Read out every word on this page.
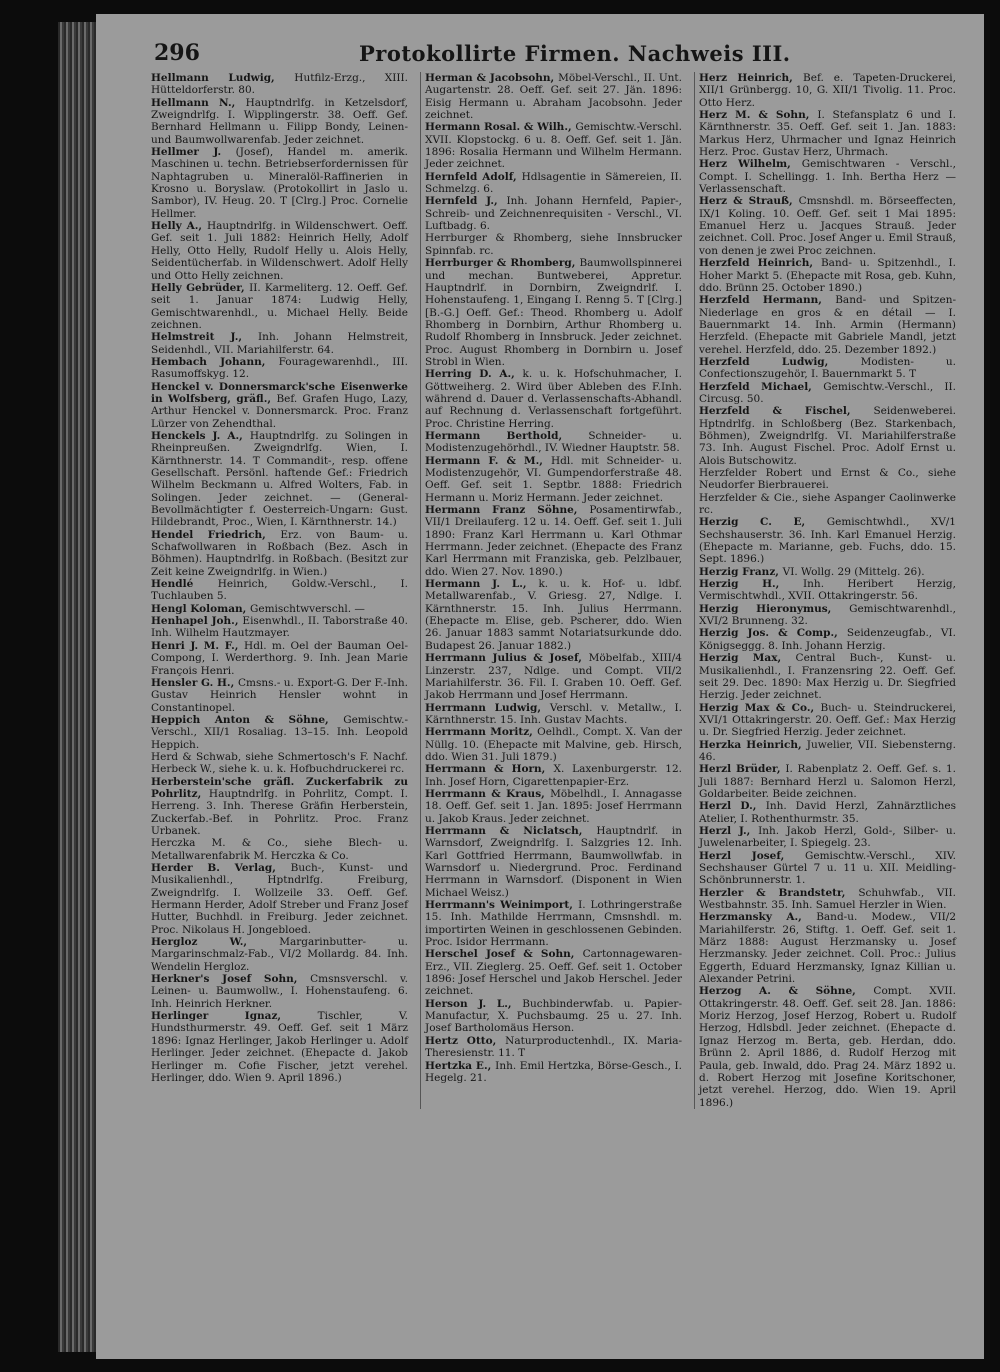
296	Protokollirte Firmen. Nachweis III.
Hellmann Ludwig, Hutfilz-Erzg., XIII. Hütteldorferstr. 80.
Hellmann N., Hauptndrlfg. in Ketzelsdorf, Zweigndrlfg. I. Wipplingerstr. 38. Oeff. Gef. Bernhard Hellmann u. Filipp Bondy, Leinen- und Baumwollwarenfab. Jeder zeichnet.
Hellmer J. (Josef), Handel m. amerik. Maschinen u. techn. Betriebserfordernissen für Naphtagruben u. Mineralöl-Raffinerien in Krosno u. Boryslaw. (Protokollirt in Jaslo u. Sambor), IV. Heug. 20. T [Clrg.] Proc. Cornelie Hellmer.
Helly A., Hauptndrlfg. in Wildenschwert. Oeff. Gef. seit 1. Juli 1882: Heinrich Helly, Adolf Helly, Otto Helly, Rudolf Helly u. Alois Helly, Seidentücherfab. in Wildenschwert. Adolf Helly und Otto Helly zeichnen.
Helly Gebrüder, II. Karmeliterg. 12. Oeff. Gef. seit 1. Januar 1874: Ludwig Helly, Gemischtwarenhdl., u. Michael Helly. Beide zeichnen.
Helmstreit J., Inh. Johann Helmstreit, Seidenhdl., VII. Mariahilferstr. 64.
Hembach Johann, Fouragewarenhdl., III. Rasumoffskyg. 12.
Henckel v. Donnersmarck'sche Eisenwerke in Wolfsberg, gräfl., Bef. Grafen Hugo, Lazy, Arthur Henckel v. Donnersmarck. Proc. Franz Lürzer von Zehendthal.
Henckels J. A., Hauptndrlfg. zu Solingen in Rheinpreußen. Zweigndrlfg. Wien, I. Kärnthnerstr. 14. T Commandit-, resp. offene Gesellschaft. Persönl. haftende Gef.: Friedrich Wilhelm Beckmann u. Alfred Wolters, Fab. in Solingen. Jeder zeichnet. — (General-Bevollmächtigter f. Oesterreich-Ungarn: Gust. Hildebrandt, Proc., Wien, I. Kärnthnerstr. 14.)
Hendel Friedrich, Erz. von Baum- u. Schafwollwaren in Roßbach (Bez. Asch in Böhmen). Hauptndrlfg. in Roßbach. (Besitzt zur Zeit keine Zweigndrlfg. in Wien.)
Hendlé Heinrich, Goldw.-Verschl., I. Tuchlauben 5.
Hengl Koloman, Gemischtwverschl. —
Henhapel Joh., Eisenwhdl., II. Taborstraße 40. Inh. Wilhelm Hautzmayer.
Henri J. M. F., Hdl. m. Oel der Bauman Oel-Compong, I. Werderthorg. 9. Inh. Jean Marie François Henri.
Hensler G. H., Cmsns.- u. Export-G. Der F.-Inh. Gustav Heinrich Hensler wohnt in Constantinopel.
Heppich Anton & Söhne, Gemischtw.-Verschl., XII/1 Rosaliag. 13–15. Inh. Leopold Heppich.
Herd & Schwab, siehe Schmertosch's F. Nachf. Herbeck W., siehe k. u. k. Hofbuchdruckerei rc.
Herberstein'sche gräfl. Zuckerfabrik zu Pohrlitz, Hauptndrlfg. in Pohrlitz, Compt. I. Herreng. 3. Inh. Therese Gräfin Herberstein, Zuckerfab.-Bef. in Pohrlitz. Proc. Franz Urbanek.
Herczka M. & Co., siehe Blech- u. Metallwarenfabrik M. Herczka & Co.
Herder B. Verlag, Buch-, Kunst- und Musikalienhdl., Hptndrlfg. Freiburg, Zweigndrlfg. I. Wollzeile 33. Oeff. Gef. Hermann Herder, Adolf Streber und Franz Josef Hutter, Buchhdl. in Freiburg. Jeder zeichnet. Proc. Nikolaus H. Jongebloed.
Hergloz W., Margarinbutter- u. Margarinschmalz-Fab., VI/2 Mollardg. 84. Inh. Wendelin Hergloz.
Herkner's Josef Sohn, Cmsnsverschl. v. Leinen- u. Baumwollw., I. Hohenstaufeng. 6. Inh. Heinrich Herkner.
Herlinger Ignaz, Tischler, V. Hundsthurmerstr. 49. Oeff. Gef. seit 1 März 1896: Ignaz Herlinger, Jakob Herlinger u. Adolf Herlinger. Jeder zeichnet. (Ehepacte d. Jakob Herlinger m. Cofie Fischer, jetzt verehel. Herlinger, ddo. Wien 9. April 1896.)
Herman & Jacobsohn, Möbel-Verschl., II. Unt. Augartenstr. 28. Oeff. Gef. seit 27. Jän. 1896: Eisig Hermann u. Abraham Jacobsohn. Jeder zeichnet.
Hermann Rosal. & Wilh., Gemischtw.-Verschl. XVII. Klopstockg. 6 u. 8. Oeff. Gef. seit 1. Jän. 1896: Rosalia Hermann und Wilhelm Hermann. Jeder zeichnet.
Hernfeld Adolf, Hdlsagentie in Sämereien, II. Schmelzg. 6.
Hernfeld J., Inh. Johann Hernfeld, Papier-, Schreib- und Zeichnenrequisiten - Verschl., VI. Luftbadg. 6.
Herrburger & Rhomberg, siehe Innsbrucker Spinnfab. rc.
Herrburger & Rhomberg, Baumwollspinnerei und mechan. Buntweberei, Appretur. Hauptndrlf. in Dornbirn, Zweigndrlf. I. Hohenstaufeng. 1, Eingang I. Renng 5. T [Clrg.] [B.-G.] Oeff. Gef.: Theod. Rhomberg u. Adolf Rhomberg in Dornbirn, Arthur Rhomberg u. Rudolf Rhomberg in Innsbruck. Jeder zeichnet. Proc. August Rhomberg in Dornbirn u. Josef Strobl in Wien.
Herring D. A., k. u. k. Hofschuhmacher, I. Göttweiherg. 2. Wird über Ableben des F.Inh. während d. Dauer d. Verlassenschafts-Abhandl. auf Rechnung d. Verlassenschaft fortgeführt. Proc. Christine Herring.
Hermann Berthold, Schneider- u. Modistenzugehörhdl., IV. Wiedner Hauptstr. 58.
Hermann F. & M., Hdl. mit Schneider- u. Modistenzugehör, VI. Gumpendorferstraße 48. Oeff. Gef. seit 1. Septbr. 1888: Friedrich Hermann u. Moriz Hermann. Jeder zeichnet.
Hermann Franz Söhne, Posamentirwfab., VII/1 Dreilauferg. 12 u. 14. Oeff. Gef. seit 1. Juli 1890: Franz Karl Herrmann u. Karl Othmar Herrmann. Jeder zeichnet. (Ehepacte des Franz Karl Herrmann mit Franziska, geb. Pelzlbauer, ddo. Wien 27. Nov. 1890.)
Hermann J. L., k. u. k. Hof- u. ldbf. Metallwarenfab., V. Griesg. 27, Ndlge. I. Kärnthnerstr. 15. Inh. Julius Herrmann. (Ehepacte m. Elise, geb. Pscherer, ddo. Wien 26. Januar 1883 sammt Notariatsurkunde ddo. Budapest 26. Januar 1882.)
Herrmann Julius & Josef, Möbelfab., XIII/4 Linzerstr. 237, Ndlge. und Compt. VII/2 Mariahilferstr. 36. Fil. I. Graben 10. Oeff. Gef. Jakob Herrmann und Josef Herrmann.
Herrmann Ludwig, Verschl. v. Metallw., I. Kärnthnerstr. 15. Inh. Gustav Machts.
Herrmann Moritz, Oelhdl., Compt. X. Van der Nüllg. 10. (Ehepacte mit Malvine, geb. Hirsch, ddo. Wien 31. Juli 1879.)
Herrmann & Horn, X. Laxenburgerstr. 12. Inh. Josef Horn, Cigarettenpapier-Erz.
Herrmann & Kraus, Möbelhdl., I. Annagasse 18. Oeff. Gef. seit 1. Jan. 1895: Josef Herrmann u. Jakob Kraus. Jeder zeichnet.
Herrmann & Niclatsch, Hauptndrlf. in Warnsdorf, Zweigndrlfg. I. Salzgries 12. Inh. Karl Gottfried Herrmann, Baumwollwfab. in Warnsdorf u. Niedergrund. Proc. Ferdinand Herrmann in Warnsdorf. (Disponent in Wien Michael Weisz.)
Herrmann's Weinimport, I. Lothringerstraße 15. Inh. Mathilde Herrmann, Cmsnshdl. m. importirten Weinen in geschlossenen Gebinden. Proc. Isidor Herrmann.
Herschel Josef & Sohn, Cartonnagewaren-Erz., VII. Zieglerg. 25. Oeff. Gef. seit 1. October 1896: Josef Herschel und Jakob Herschel. Jeder zeichnet.
Herson J. L., Buchbinderwfab. u. Papier-Manufactur, X. Puchsbaumg. 25 u. 27. Inh. Josef Bartholomäus Herson.
Hertz Otto, Naturproductenhdl., IX. Maria-Theresienstr. 11. T
Hertzka E., Inh. Emil Hertzka, Börse-Gesch., I. Hegelg. 21.
Herz Heinrich, Bef. e. Tapeten-Druckerei, XII/1 Grünbergg. 10, G. XII/1 Tivolig. 11. Proc. Otto Herz.
Herz M. & Sohn, I. Stefansplatz 6 und I. Kärnthnerstr. 35. Oeff. Gef. seit 1. Jan. 1883: Markus Herz, Uhrmacher und Ignaz Heinrich Herz. Proc. Gustav Herz, Uhrmach.
Herz Wilhelm, Gemischtwaren - Verschl., Compt. I. Schellingg. 1. Inh. Bertha Herz — Verlassenschaft.
Herz & Strauß, Cmsnshdl. m. Börseeffecten, IX/1 Koling. 10. Oeff. Gef. seit 1 Mai 1895: Emanuel Herz u. Jacques Strauß. Jeder zeichnet. Coll. Proc. Josef Anger u. Emil Strauß, von denen je zwei Proc zeichnen.
Herzfeld Heinrich, Band- u. Spitzenhdl., I. Hoher Markt 5. (Ehepacte mit Rosa, geb. Kuhn, ddo. Brünn 25. October 1890.)
Herzfeld Hermann, Band- und Spitzen-Niederlage en gros & en détail — I. Bauernmarkt 14. Inh. Armin (Hermann) Herzfeld. (Ehepacte mit Gabriele Mandl, jetzt verehel. Herzfeld, ddo. 25. Dezember 1892.)
Herzfeld Ludwig, Modisten- u. Confectionszugehör, I. Bauernmarkt 5. T
Herzfeld Michael, Gemischtw.-Verschl., II. Circusg. 50.
Herzfeld & Fischel, Seidenweberei. Hptndrlfg. in Schloßberg (Bez. Starkenbach, Böhmen), Zweigndrlfg. VI. Mariahilferstraße 73. Inh. August Fischel. Proc. Adolf Ernst u. Alois Butschowitz.
Herzfelder Robert und Ernst & Co., siehe Neudorfer Bierbrauerei.
Herzfelder & Cie., siehe Aspanger Caolinwerke rc.
Herzig C. E, Gemischtwhdl., XV/1 Sechshauserstr. 36. Inh. Karl Emanuel Herzig. (Ehepacte m. Marianne, geb. Fuchs, ddo. 15. Sept. 1896.)
Herzig Franz, VI. Wollg. 29 (Mittelg. 26).
Herzig H., Inh. Heribert Herzig, Vermischtwhdl., XVII. Ottakringerstr. 56.
Herzig Hieronymus, Gemischtwarenhdl., XVI/2 Brunneng. 32.
Herzig Jos. & Comp., Seidenzeugfab., VI. Königseggg. 8. Inh. Johann Herzig.
Herzig Max, Central Buch-, Kunst- u. Musikalienhdl., I. Franzensring 22. Oeff. Gef. seit 29. Dec. 1890: Max Herzig u. Dr. Siegfried Herzig. Jeder zeichnet.
Herzig Max & Co., Buch- u. Steindruckerei, XVI/1 Ottakringerstr. 20. Oeff. Gef.: Max Herzig u. Dr. Siegfried Herzig. Jeder zeichnet.
Herzka Heinrich, Juwelier, VII. Siebensterng. 46.
Herzl Brüder, I. Rabenplatz 2. Oeff. Gef. s. 1. Juli 1887: Bernhard Herzl u. Salomon Herzl, Goldarbeiter. Beide zeichnen.
Herzl D., Inh. David Herzl, Zahnärztliches Atelier, I. Rothenthurmstr. 35.
Herzl J., Inh. Jakob Herzl, Gold-, Silber- u. Juwelenarbeiter, I. Spiegelg. 23.
Herzl Josef, Gemischtw.-Verschl., XIV. Sechshauser Gürtel 7 u. 11 u. XII. Meidling-Schönbrunnerstr. 1.
Herzler & Brandstetr, Schuhwfab., VII. Westbahnstr. 35. Inh. Samuel Herzler in Wien.
Herzmansky A., Band-u. Modew., VII/2 Mariahilferstr. 26, Stiftg. 1. Oeff. Gef. seit 1. März 1888: August Herzmansky u. Josef Herzmansky. Jeder zeichnet. Coll. Proc.: Julius Eggerth, Eduard Herzmansky, Ignaz Killian u. Alexander Petrini.
Herzog A. & Söhne, Compt. XVII. Ottakringerstr. 48. Oeff. Gef. seit 28. Jan. 1886: Moriz Herzog, Josef Herzog, Robert u. Rudolf Herzog, Hdlsbdl. Jeder zeichnet. (Ehepacte d. Ignaz Herzog m. Berta, geb. Herdan, ddo. Brünn 2. April 1886, d. Rudolf Herzog mit Paula, geb. Inwald, ddo. Prag 24. März 1892 u. d. Robert Herzog mit Josefine Koritschoner, jetzt verehel. Herzog, ddo. Wien 19. April 1896.)
